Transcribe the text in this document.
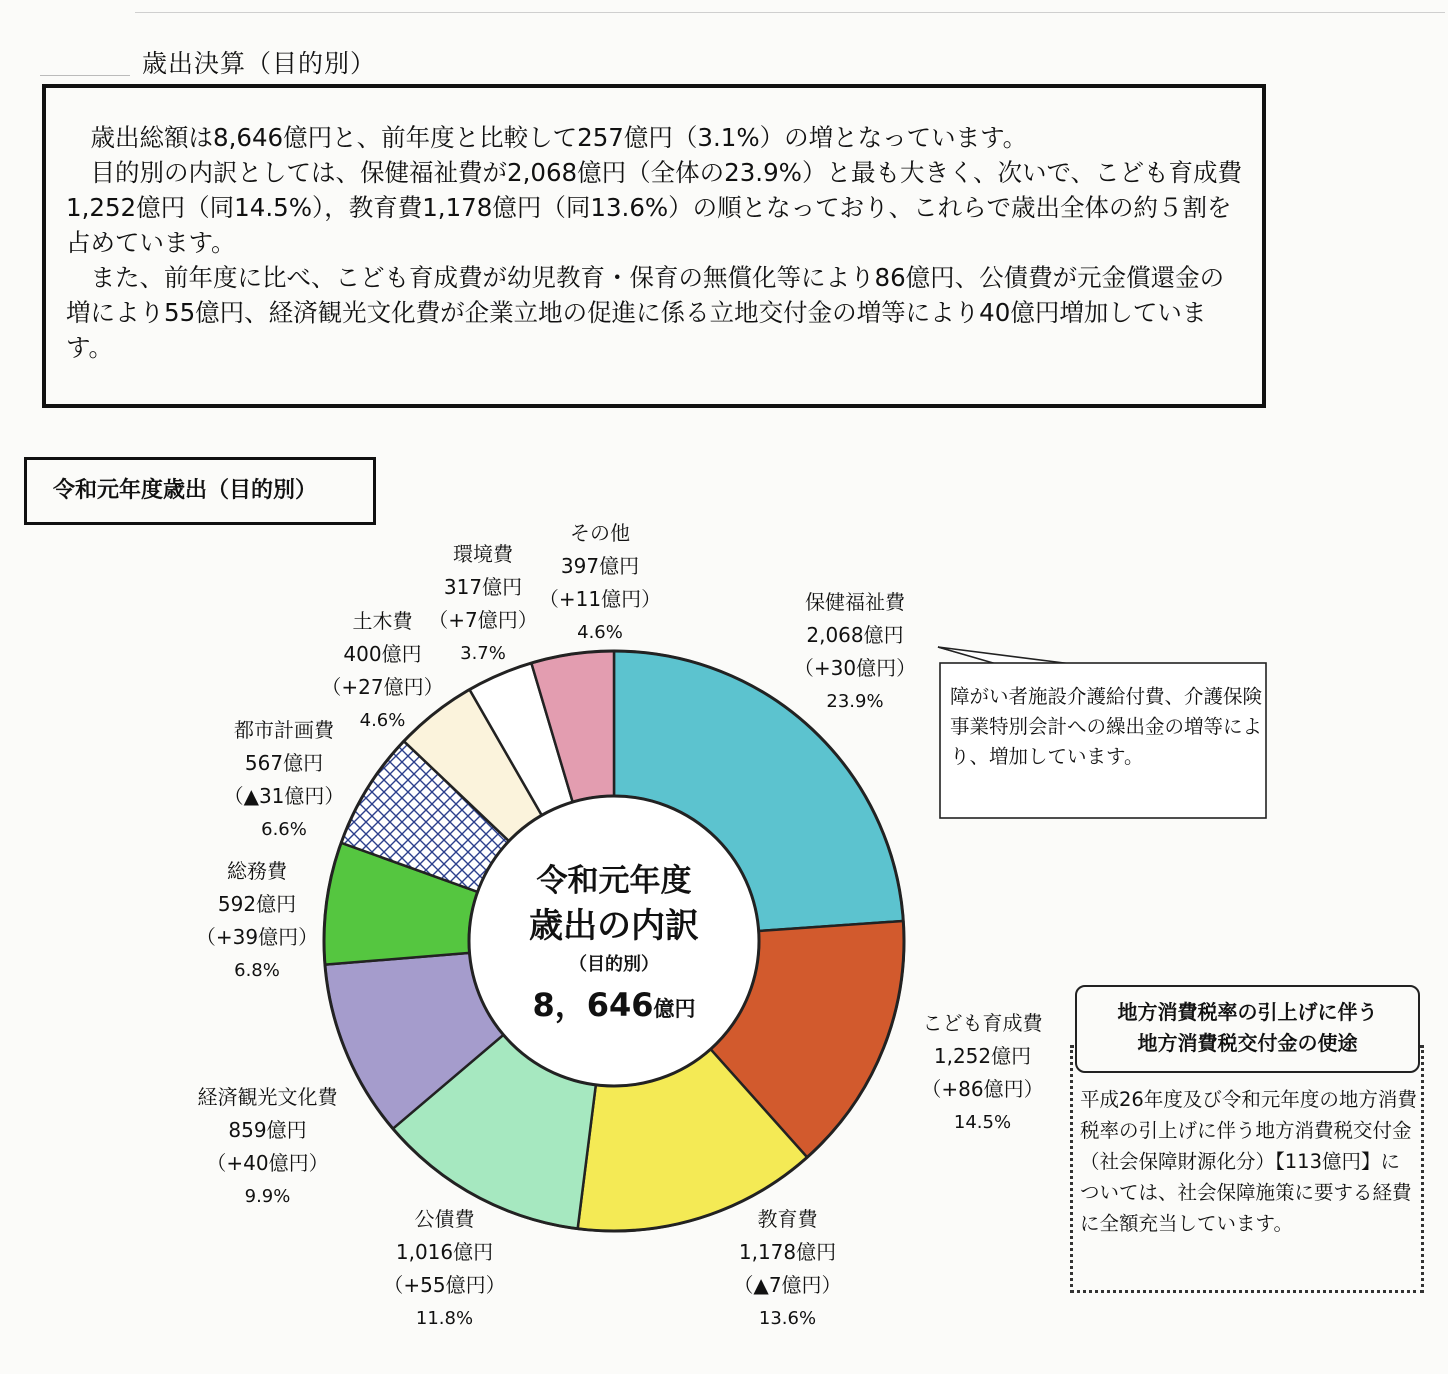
歳出決算（目的別）

歳出総額は8,646億円と、前年度と比較して257億円（3.1%）の増となっています。

目的別の内訳としては、保健福祉費が2,068億円（全体の23.9%）と最も大きく、次いで、こども育成費1,252億円（同14.5%），教育費1,178億円（同13.6%）の順となっており、これらで歳出全体の約５割を占めています。

また、前年度に比べ、こども育成費が幼児教育・保育の無償化等により86億円、公債費が元金償還金の増により55億円、経済観光文化費が企業立地の促進に係る立地交付金の増等により40億円増加しています。

令和元年度歳出（目的別）
令和元年度
歳出の内訳
（目的別）
8，646億円
保健福祉費
2,068億円
（+30億円）
23.9%
こども育成費
1,252億円
（+86億円）
14.5%
教育費
1,178億円
（▲7億円）
13.6%
公債費
1,016億円
（+55億円）
11.8%
経済観光文化費
859億円
（+40億円）
9.9%
総務費
592億円
（+39億円）
6.8%
都市計画費
567億円
（▲31億円）
6.6%
土木費
400億円
（+27億円）
4.6%
環境費
317億円
（+7億円）
3.7%
その他
397億円
（+11億円）
4.6%
障がい者施設介護給付費、介護保険事業特別会計への繰出金の増等により、増加しています。
地方消費税率の引上げに伴う
地方消費税交付金の使途
平成26年度及び令和元年度の地方消費税率の引上げに伴う地方消費税交付金（社会保障財源化分）【113億円】については、社会保障施策に要する経費に全額充当しています。
